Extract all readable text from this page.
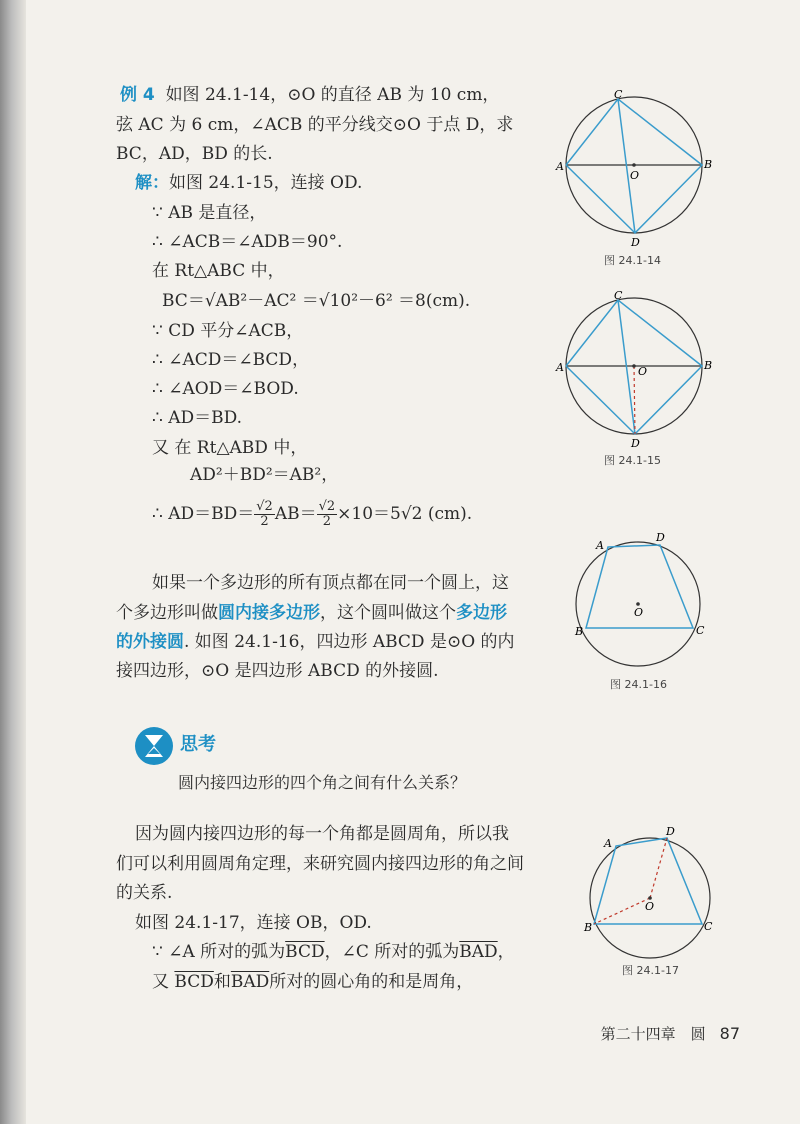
例 4 如图 24.1-14，⊙O 的直径 AB 为 10 cm，
弦 AC 为 6 cm，∠ACB 的平分线交⊙O 于点 D，求
BC，AD，BD 的长.
解：如图 24.1-15，连接 OD.
∵ AB 是直径，
∴ ∠ACB＝∠ADB＝90°.
在 Rt△ABC 中，
BC＝√AB²－AC² ＝√10²－6² ＝8(cm).
∵ CD 平分∠ACB，
∴ ∠ACD＝∠BCD，
∴ ∠AOD＝∠BOD.
∴ AD＝BD.
又 在 Rt△ABD 中，
AD²＋BD²＝AB²，
∴ $AD=BD= \frac{√2}{2} AB= \frac{√2}{2} \times 10=5√2$ (cm).
如果一个多边形的所有顶点都在同一个圆上，这
个多边形叫做圆内接多边形，这个圆叫做这个多边形
的外接圆. 如图 24.1-16，四边形 ABCD 是⊙O 的内
接四边形，⊙O 是四边形 ABCD 的外接圆.
思考
圆内接四边形的四个角之间有什么关系？
因为圆内接四边形的每一个角都是圆周角，所以我
们可以利用圆周角定理，来研究圆内接四边形的角之间
的关系.
如图 24.1-17，连接 OB，OD.
∵ ∠A 所对的弧为$\overline{BCD}$，∠C 所对的弧为$\overline{BAD}$，
又 $\overline{BCD}$和$\overline{BAD}$所对的圆心角的和是周角，
A	B
C
D
O
图 24.1-14
A	B
C
D
O
图 24.1-15
A
D
C
B
O
图 24.1-16
A
D
C
B
O
图 24.1-17
第二十四章　圆 87
